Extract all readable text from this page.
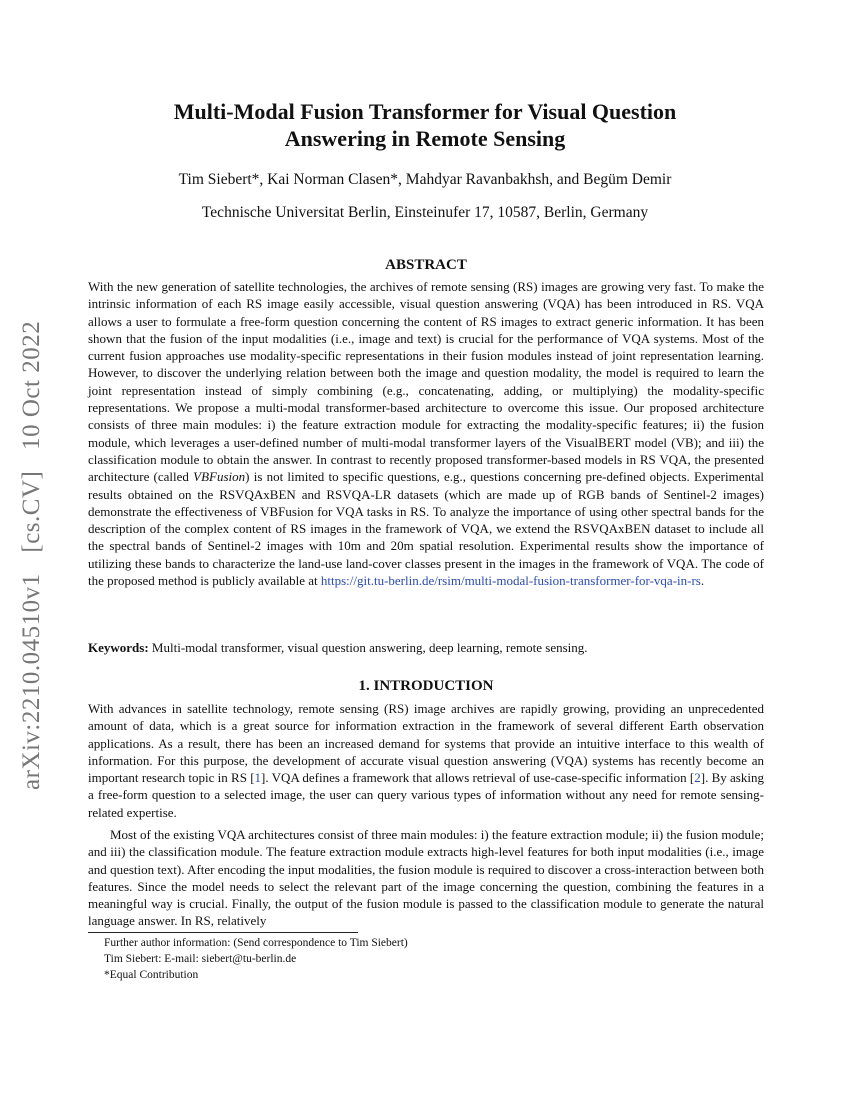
arXiv:2210.04510v1 [cs.CV] 10 Oct 2022
Multi-Modal Fusion Transformer for Visual Question
Answering in Remote Sensing
Tim Siebert*, Kai Norman Clasen*, Mahdyar Ravanbakhsh, and Begüm Demir
Technische Universitat Berlin, Einsteinufer 17, 10587, Berlin, Germany
ABSTRACT

With the new generation of satellite technologies, the archives of remote sensing (RS) images are growing very fast. To make the intrinsic information of each RS image easily accessible, visual question answering (VQA) has been introduced in RS. VQA allows a user to formulate a free-form question concerning the content of RS images to extract generic information. It has been shown that the fusion of the input modalities (i.e., image and text) is crucial for the performance of VQA systems. Most of the current fusion approaches use modality-specific representations in their fusion modules instead of joint representation learning. However, to discover the underlying relation between both the image and question modality, the model is required to learn the joint representation instead of simply combining (e.g., concatenating, adding, or multiplying) the modality-specific representations. We propose a multi-modal transformer-based architecture to overcome this issue. Our proposed architecture consists of three main modules: i) the feature extraction module for extracting the modality-specific features; ii) the fusion module, which leverages a user-defined number of multi-modal transformer layers of the VisualBERT model (VB); and iii) the classification module to obtain the answer. In contrast to recently proposed transformer-based models in RS VQA, the presented architecture (called VBFusion) is not limited to specific questions, e.g., questions concerning pre-defined objects. Experimental results obtained on the RSVQAxBEN and RSVQA-LR datasets (which are made up of RGB bands of Sentinel-2 images) demonstrate the effectiveness of VBFusion for VQA tasks in RS. To analyze the importance of using other spectral bands for the description of the complex content of RS images in the framework of VQA, we extend the RSVQAxBEN dataset to include all the spectral bands of Sentinel-2 images with 10m and 20m spatial resolution. Experimental results show the importance of utilizing these bands to characterize the land-use land-cover classes present in the images in the framework of VQA. The code of the proposed method is publicly available at https://git.tu-berlin.de/rsim/multi-modal-fusion-transformer-for-vqa-in-rs.

Keywords: Multi-modal transformer, visual question answering, deep learning, remote sensing.

1. INTRODUCTION

With advances in satellite technology, remote sensing (RS) image archives are rapidly growing, providing an unprecedented amount of data, which is a great source for information extraction in the framework of several different Earth observation applications. As a result, there has been an increased demand for systems that provide an intuitive interface to this wealth of information. For this purpose, the development of accurate visual question answering (VQA) systems has recently become an important research topic in RS [1]. VQA defines a framework that allows retrieval of use-case-specific information [2]. By asking a free-form question to a selected image, the user can query various types of information without any need for remote sensing-related expertise.

Most of the existing VQA architectures consist of three main modules: i) the feature extraction module; ii) the fusion module; and iii) the classification module. The feature extraction module extracts high-level features for both input modalities (i.e., image and question text). After encoding the input modalities, the fusion module is required to discover a cross-interaction between both features. Since the model needs to select the relevant part of the image concerning the question, combining the features in a meaningful way is crucial. Finally, the output of the fusion module is passed to the classification module to generate the natural language answer. In RS, relatively

Further author information: (Send correspondence to Tim Siebert)
Tim Siebert: E-mail: siebert@tu-berlin.de
*Equal Contribution
